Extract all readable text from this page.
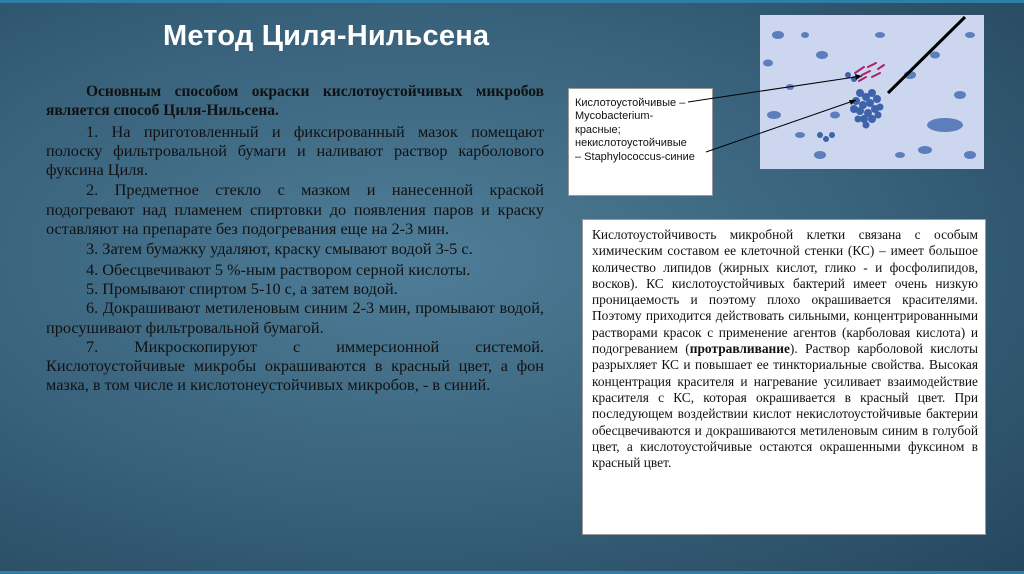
Метод Циля-Нильсена

Основным способом окраски кислотоустойчивых микробов является способ Циля-Нильсена.

1. На приготовленный и фиксированный мазок помещают полоску фильтровальной бумаги и наливают раствор карболового фуксина Циля.

2. Предметное стекло с мазком и нанесенной краской подогревают над пламенем спиртовки до появления паров и краску оставляют на препарате без подогревания еще на 2-3 мин.

3. Затем бумажку удаляют, краску смывают водой 3-5 с.

4. Обесцвечивают 5 %-ным раствором серной кислоты.

5. Промывают спиртом 5-10 с, а затем водой.

6. Докрашивают метиленовым синим 2-3 мин, промывают водой, просушивают фильтровальной бумагой.

7. Микроскопируют с иммерсионной системой. Кислотоустойчивые микробы окрашиваются в красный цвет, а фон мазка, в том числе и кислотонеустойчивых микробов, - в синий.

Кислотоустойчивые –
Mycobacterium-
красные;
некислотоустойчивые
– Staphylococcus-синие
Кислотоустойчивость микробной клетки связана с особым химическим составом ее клеточной стенки (КС) – имеет большое количество липидов (жирных кислот, глико - и фосфолипидов, восков). КС кислотоустойчивых бактерий имеет очень низкую проницаемость и поэтому плохо окрашивается красителями. Поэтому приходится действовать сильными, концентрированными растворами красок с применение агентов (карболовая кислота) и подогреванием (протравливание). Раствор карболовой кислоты разрыхляет КС и повышает ее тинкториальные свойства. Высокая концентрация красителя и нагревание усиливает взаимодействие красителя с КС, которая окрашивается в красный цвет. При последующем воздействии кислот некислотоустойчивые бактерии обесцвечиваются и докрашиваются метиленовым синим в голубой цвет, а кислотоустойчивые остаются окрашенными фуксином в красный цвет.
